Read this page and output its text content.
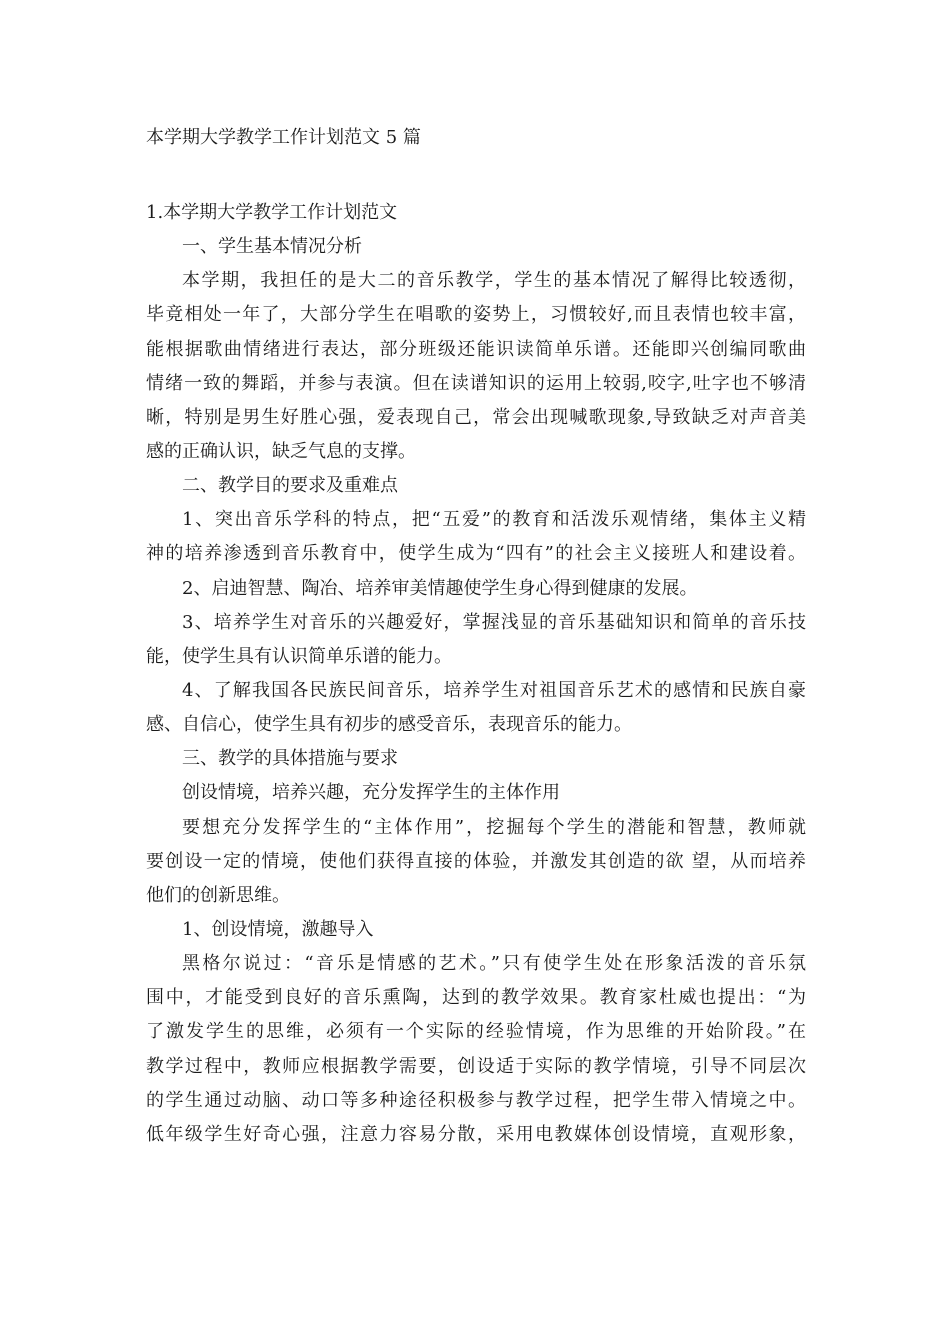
本学期大学教学工作计划范文 5 篇
1.本学期大学教学工作计划范文
一、学生基本情况分析
本学期，我担任的是大二的音乐教学，学生的基本情况了解得比较透彻，
毕竟相处一年了，大部分学生在唱歌的姿势上，习惯较好,而且表情也较丰富，
能根据歌曲情绪进行表达，部分班级还能识读简单乐谱。还能即兴创编同歌曲
情绪一致的舞蹈，并参与表演。但在读谱知识的运用上较弱,咬字,吐字也不够清
晰，特别是男生好胜心强，爱表现自己，常会出现喊歌现象,导致缺乏对声音美
感的正确认识，缺乏气息的支撑。
二、教学目的要求及重难点
1、突出音乐学科的特点，把“五爱”的教育和活泼乐观情绪，集体主义精
神的培养渗透到音乐教育中，使学生成为“四有”的社会主义接班人和建设着。
2、启迪智慧、陶冶、培养审美情趣使学生身心得到健康的发展。
3、培养学生对音乐的兴趣爱好，掌握浅显的音乐基础知识和简单的音乐技
能，使学生具有认识简单乐谱的能力。
4、了解我国各民族民间音乐，培养学生对祖国音乐艺术的感情和民族自豪
感、自信心，使学生具有初步的感受音乐，表现音乐的能力。
三、教学的具体措施与要求
创设情境，培养兴趣，充分发挥学生的主体作用
要想充分发挥学生的“主体作用”，挖掘每个学生的潜能和智慧，教师就
要创设一定的情境，使他们获得直接的体验，并激发其创造的欲 望，从而培养
他们的创新思维。
1、创设情境，激趣导入
黑格尔说过：“音乐是情感的艺术。”只有使学生处在形象活泼的音乐氛
围中，才能受到良好的音乐熏陶，达到的教学效果。教育家杜威也提出：“为
了激发学生的思维，必须有一个实际的经验情境，作为思维的开始阶段。”在
教学过程中，教师应根据教学需要，创设适于实际的教学情境，引导不同层次
的学生通过动脑、动口等多种途径积极参与教学过程，把学生带入情境之中。
低年级学生好奇心强，注意力容易分散，采用电教媒体创设情境，直观形象，
